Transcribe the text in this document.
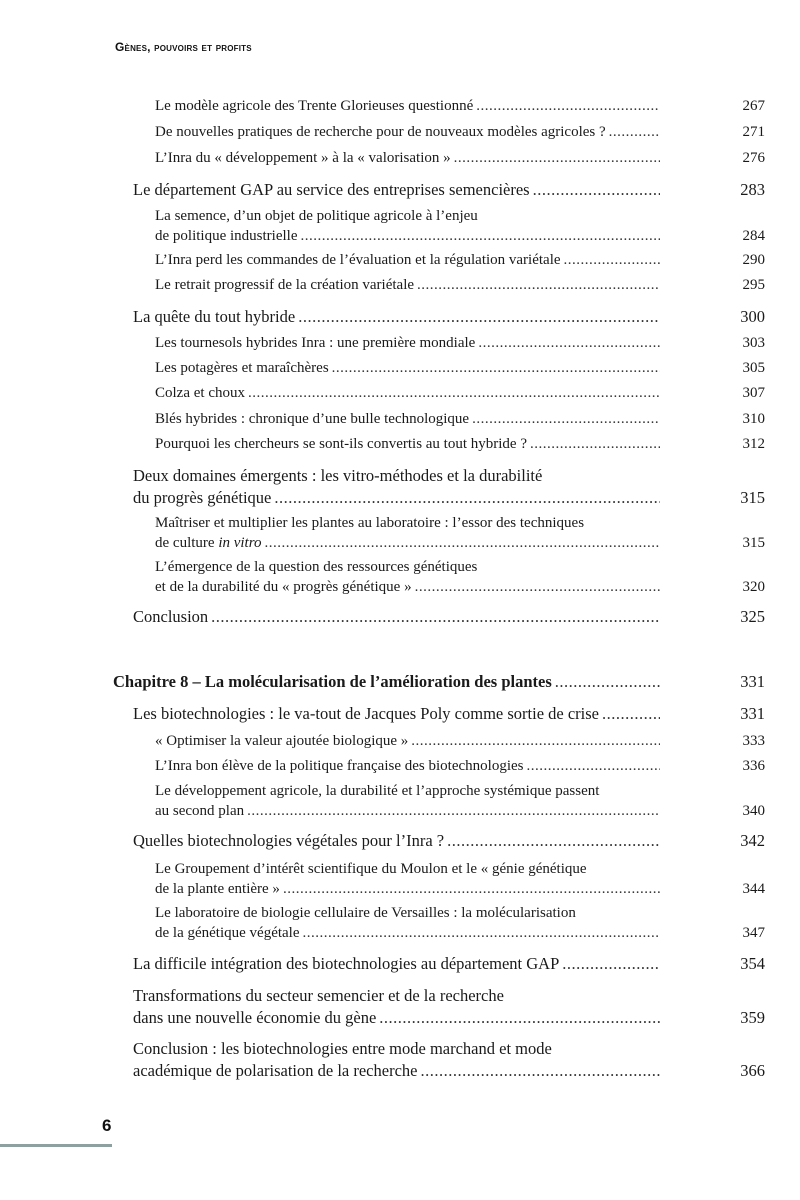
Gènes, pouvoirs et profits
Le modèle agricole des Trente Glorieuses questionné .....	267
De nouvelles pratiques de recherche pour de nouveaux modèles agricoles ? .....	271
L’Inra du « développement » à la « valorisation » .....	276
Le département GAP au service des entreprises semencières .....	283
La semence, d’un objet de politique agricole à l’enjeu
de politique industrielle .....	284
L’Inra perd les commandes de l’évaluation et la régulation variétale .....	290
Le retrait progressif de la création variétale .....	295
La quête du tout hybride .....	300
Les tournesols hybrides Inra : une première mondiale .....	303
Les potagères et maraîchères .....	305
Colza et choux .....	307
Blés hybrides : chronique d’une bulle technologique .....	310
Pourquoi les chercheurs se sont-ils convertis au tout hybride ? .....	312
Deux domaines émergents : les vitro-méthodes et la durabilité
du progrès génétique .....	315
Maîtriser et multiplier les plantes au laboratoire : l’essor des techniques
de culture in vitro .....	315
L’émergence de la question des ressources génétiques
et de la durabilité du « progrès génétique » .....	320
Conclusion .....	325
Chapitre 8 – La molécularisation de l’amélioration des plantes .....	331
Les biotechnologies : le va-tout de Jacques Poly comme sortie de crise .....	331
« Optimiser la valeur ajoutée biologique » .....	333
L’Inra bon élève de la politique française des biotechnologies .....	336
Le développement agricole, la durabilité et l’approche systémique passent
au second plan .....	340
Quelles biotechnologies végétales pour l’Inra ? .....	342
Le Groupement d’intérêt scientifique du Moulon et le « génie génétique
de la plante entière » .....	344
Le laboratoire de biologie cellulaire de Versailles : la molécularisation
de la génétique végétale .....	347
La difficile intégration des biotechnologies au département GAP .....	354
Transformations du secteur semencier et de la recherche
dans une nouvelle économie du gène .....	359
Conclusion : les biotechnologies entre mode marchand et mode
académique de polarisation de la recherche .....	366
6
